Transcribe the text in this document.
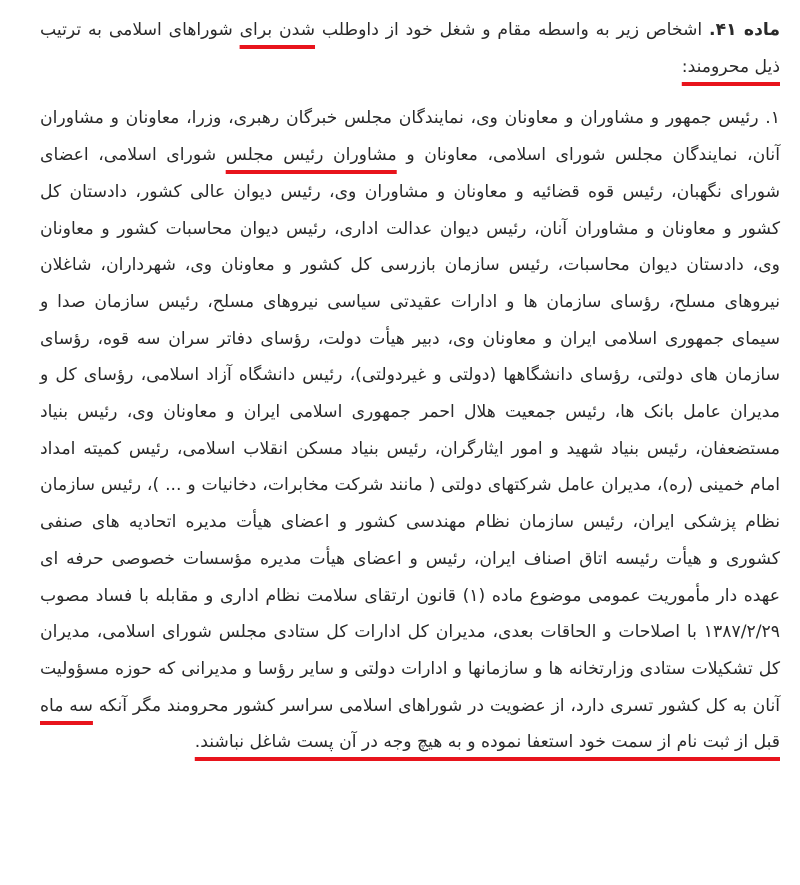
ماده ۴۱. اشخاص زیر به واسطه مقام و شغل خود از داوطلب شدن برای شوراهای اسلامی به ترتیب ذیل محرومند:

۱. رئیس جمهور و مشاوران و معاونان وی، نمایندگان مجلس خبرگان رهبری، وزرا، معاونان و مشاوران آنان، نمایندگان مجلس شورای اسلامی، معاونان و مشاوران رئیس مجلس شورای اسلامی، اعضای شورای نگهبان، رئیس قوه قضائیه و معاونان و مشاوران وی، رئیس دیوان عالی کشور، دادستان کل کشور و معاونان و مشاوران آنان، رئیس دیوان عدالت اداری، رئیس دیوان محاسبات کشور و معاونان وی، دادستان دیوان محاسبات، رئیس سازمان بازرسی کل کشور و معاونان وی، شهرداران، شاغلان نیروهای مسلح، رؤسای سازمان ها و ادارات عقیدتی سیاسی نیروهای مسلح، رئیس سازمان صدا و سیمای جمهوری اسلامی ایران و معاونان وی، دبیر هیأت دولت، رؤسای دفاتر سران سه قوه، رؤسای سازمان های دولتی، رؤسای دانشگاهها (دولتی و غیردولتی)، رئیس دانشگاه آزاد اسلامی، رؤسای کل و مدیران عامل بانک ها، رئیس جمعیت هلال احمر جمهوری اسلامی ایران و معاونان وی، رئیس بنیاد مستضعفان، رئیس بنیاد شهید و امور ایثارگران، رئیس بنیاد مسکن انقلاب اسلامی، رئیس کمیته امداد امام خمینی (ره)، مدیران عامل شرکتهای دولتی ( مانند شرکت مخابرات، دخانیات و ... )، رئیس سازمان نظام پزشکی ایران، رئیس سازمان نظام مهندسی کشور و اعضای هیأت مدیره اتحادیه های صنفی کشوری و هیأت رئیسه اتاق اصناف ایران، رئیس و اعضای هیأت مدیره مؤسسات خصوصی حرفه ای عهده دار مأموریت عمومی موضوع ماده (۱) قانون ارتقای سلامت نظام اداری و مقابله با فساد مصوب ۱۳۸۷/۲/۲۹ با اصلاحات و الحاقات بعدی، مدیران کل ادارات کل ستادی مجلس شورای اسلامی، مدیران کل تشکیلات ستادی وزارتخانه ها و سازمانها و ادارات دولتی و سایر رؤسا و مدیرانی که حوزه مسؤولیت آنان به کل کشور تسری دارد، از عضویت در شوراهای اسلامی سراسر کشور محرومند مگر آنکه سه ماه قبل از ثبت نام از سمت خود استعفا نموده و به هیچ وجه در آن پست شاغل نباشند.
